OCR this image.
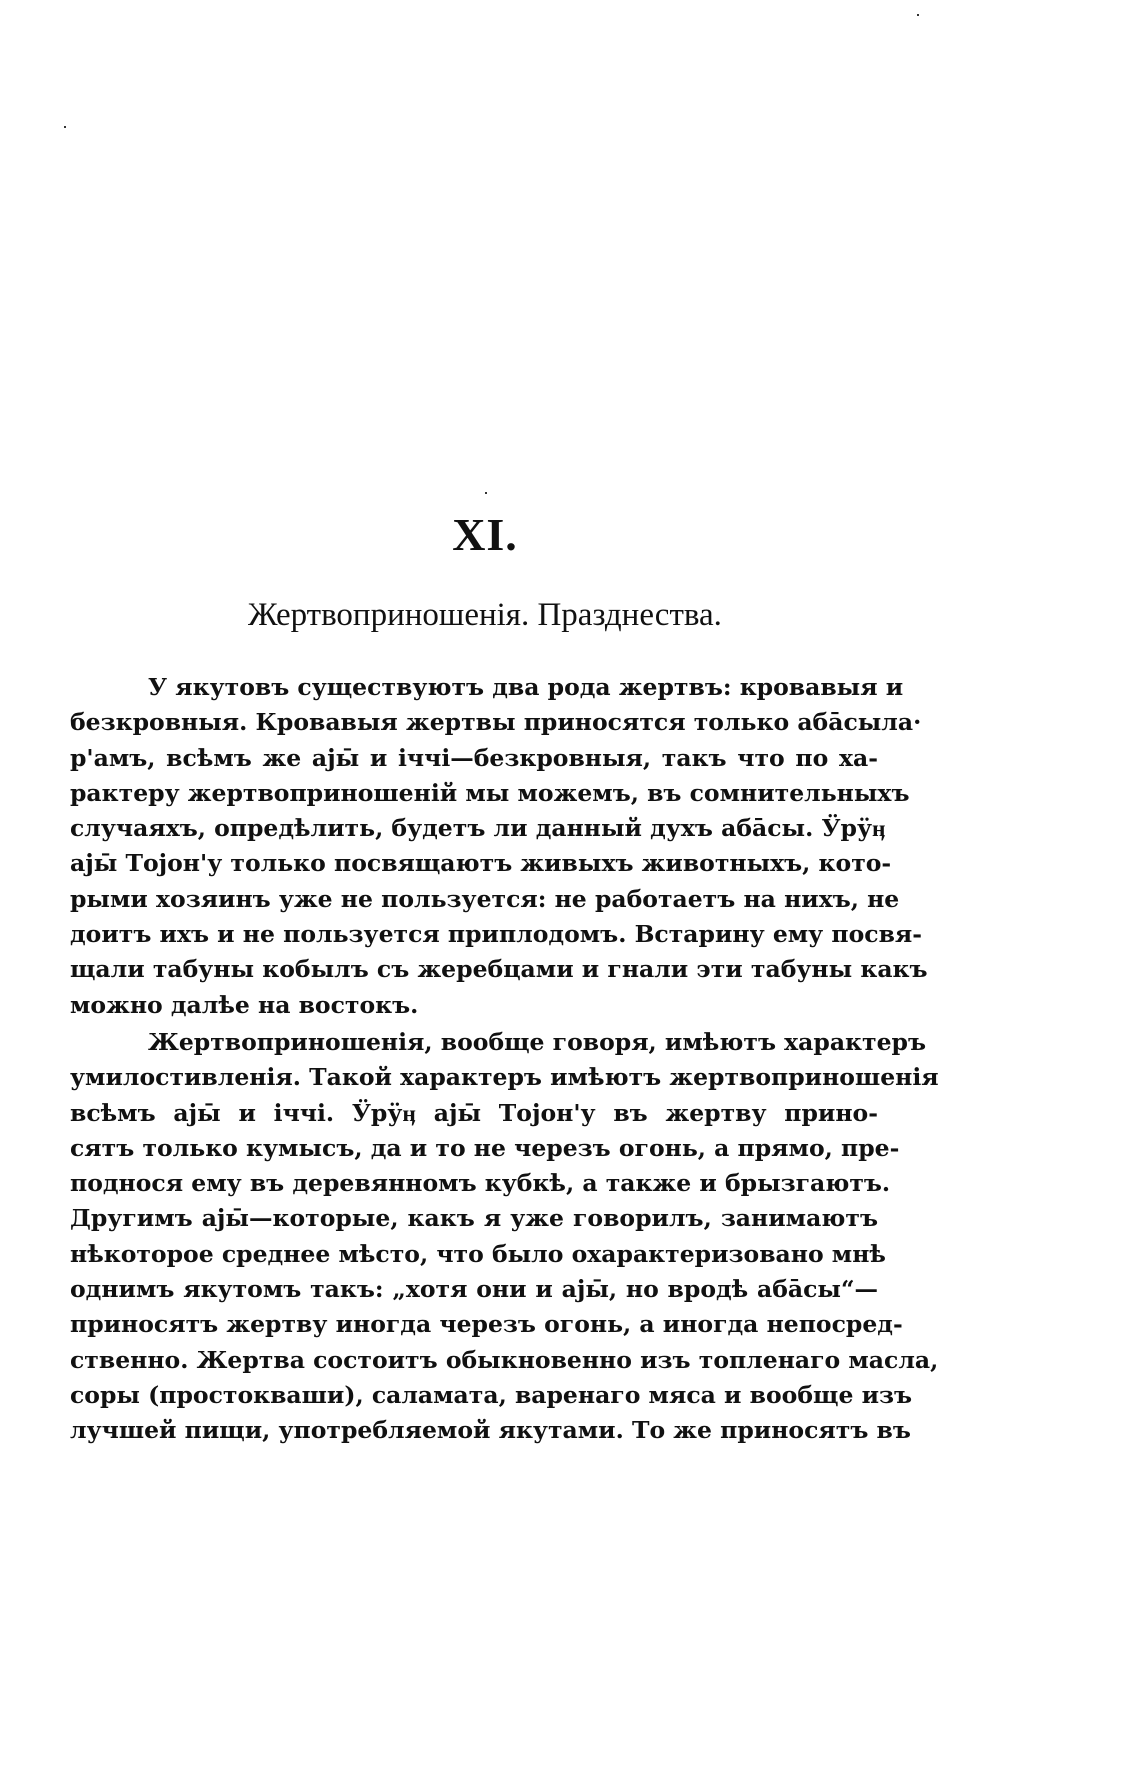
XI.
Жертвоприношенія. Празднества.
У якутовъ существуютъ два рода жертвъ: кровавыя и
безкровныя. Кровавыя жертвы приносятся только абāсыла·
р'амъ, всѣмъ же аjы̄ и іччі—безкровныя, такъ что по ха-
рактеру жертвоприношеній мы можемъ, въ сомнительныхъ
случаяхъ, опредѣлить, будетъ ли данный духъ абāсы. Ӱрӱӊ
аjы̄ Тоjон'у только посвящаютъ живыхъ животныхъ, кото-
рыми хозяинъ уже не пользуется: не работаетъ на нихъ, не
доитъ ихъ и не пользуется приплодомъ. Встарину ему посвя-
щали табуны кобылъ съ жеребцами и гнали эти табуны какъ
можно далѣе на востокъ.
Жертвоприношенія, вообще говоря, имѣютъ характеръ
умилостивленія. Такой характеръ имѣютъ жертвоприношенія
всѣмъ аjы̄ и іччі. Ӱрӱӊ аjы̄ Тоjон'у въ жертву прино-
сятъ только кумысъ, да и то не черезъ огонь, а прямо, пре-
поднося ему въ деревянномъ кубкѣ, а также и брызгаютъ.
Другимъ аjы̄—которые, какъ я уже говорилъ, занимаютъ
нѣкоторое среднее мѣсто, что было охарактеризовано мнѣ
однимъ якутомъ такъ: „хотя они и аjы̄, но вродѣ абāсы“—
приносятъ жертву иногда черезъ огонь, а иногда непосред-
ственно. Жертва состоитъ обыкновенно изъ топленаго масла,
соры (простокваши), саламата, варенаго мяса и вообще изъ
лучшей пищи, употребляемой якутами. То же приносятъ въ
